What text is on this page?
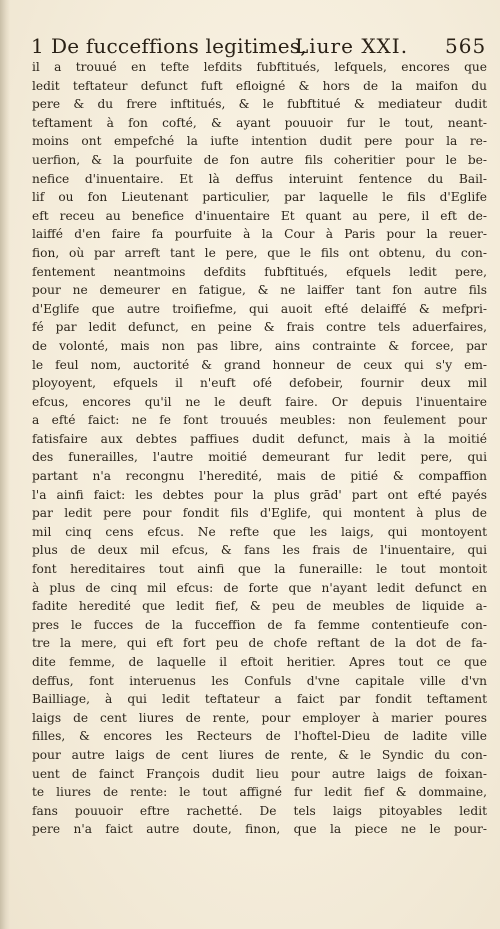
1 De fucceffions legitimes,
Liure XXI. 565
il a trouué en tefte lefdits fubftitués, lefquels, encores que
ledit teftateur defunct fuft efloigné & hors de la maifon du
pere & du frere inftitués, & le fubftitué & mediateur dudit
teftament à fon cofté, & ayant pouuoir fur le tout, neant-
moins ont empefché la iufte intention dudit pere pour la re-
uerfion, & la pourfuite de fon autre fils coheritier pour le be-
nefice d'inuentaire. Et là deffus interuint fentence du Bail-
lif ou fon Lieutenant particulier, par laquelle le fils d'Eglife
eft receu au benefice d'inuentaire Et quant au pere, il eft de-
laiffé d'en faire fa pourfuite à la Cour à Paris pour la reuer-
fion, où par arreft tant le pere, que le fils ont obtenu, du con-
fentement neantmoins defdits fubftitués, efquels ledit pere,
pour ne demeurer en fatigue, & ne laiffer tant fon autre fils
d'Eglife que autre troifiefme, qui auoit efté delaiffé & mefpri-
fé par ledit defunct, en peine & frais contre tels aduerfaires,
de volonté, mais non pas libre, ains contrainte & forcee, par
le feul nom, auctorité & grand honneur de ceux qui s'y em-
ployoyent, efquels il n'euft ofé defobeir, fournir deux mil
efcus, encores qu'il ne le deuft faire. Or depuis l'inuentaire
a efté faict: ne fe font trouués meubles: non feulement pour
fatisfaire aux debtes paffiues dudit defunct, mais à la moitié
des funerailles, l'autre moitié demeurant fur ledit pere, qui
partant n'a recongnu l'heredité, mais de pitié & compaffion
l'a ainfi faict: les debtes pour la plus grād' part ont efté payés
par ledit pere pour fondit fils d'Eglife, qui montent à plus de
mil cinq cens efcus. Ne refte que les laigs, qui montoyent
plus de deux mil efcus, & fans les frais de l'inuentaire, qui
font hereditaires tout ainfi que la funeraille: le tout montoit
à plus de cinq mil efcus: de forte que n'ayant ledit defunct en
fadite heredité que ledit fief, & peu de meubles de liquide a-
pres le fucces de la fucceffion de fa femme contentieufe con-
tre la mere, qui eft fort peu de chofe reftant de la dot de fa-
dite femme, de laquelle il eftoit heritier. Apres tout ce que
deffus, font interuenus les Confuls d'vne capitale ville d'vn
Bailliage, à qui ledit teftateur a faict par fondit teftament
laigs de cent liures de rente, pour employer à marier poures
filles, & encores les Recteurs de l'hoftel-Dieu de ladite ville
pour autre laigs de cent liures de rente, & le Syndic du con-
uent de fainct François dudit lieu pour autre laigs de foixan-
te liures de rente: le tout affigné fur ledit fief & dommaine,
fans pouuoir eftre rachetté. De tels laigs pitoyables ledit
pere n'a faict autre doute, finon, que la piece ne le pour-
